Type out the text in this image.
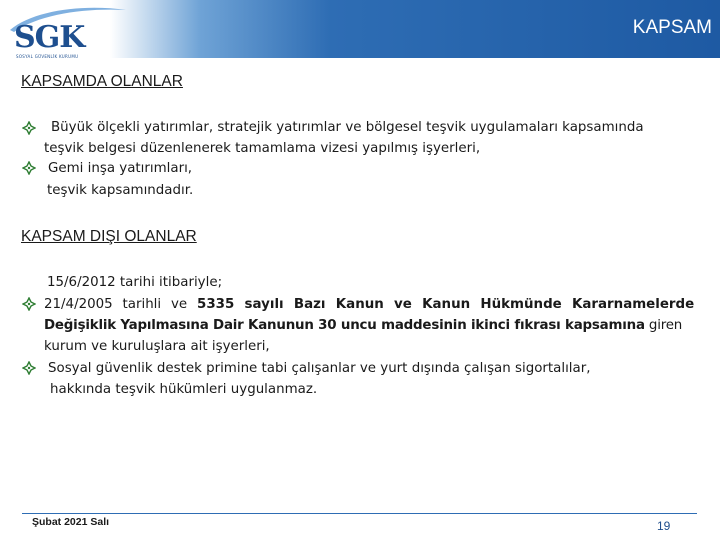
SGK
SOSYAL GÜVENLİK KURUMU
KAPSAM
KAPSAMDA OLANLAR
Büyük ölçekli yatırımlar, stratejik yatırımlar ve bölgesel teşvik uygulamaları kapsamında
teşvik belgesi düzenlenerek tamamlama vizesi yapılmış işyerleri,
Gemi inşa yatırımları,
teşvik kapsamındadır.
KAPSAM DIŞI OLANLAR
15/6/2012 tarihi itibariyle;
21/4/2005 tarihli ve 5335 sayılı Bazı Kanun ve Kanun Hükmünde Kararnamelerde
Değişiklik Yapılmasına Dair Kanunun 30 uncu maddesinin ikinci fıkrası kapsamına giren
kurum ve kuruluşlara ait işyerleri,
Sosyal güvenlik destek primine tabi çalışanlar ve yurt dışında çalışan sigortalılar,
hakkında teşvik hükümleri uygulanmaz.
Şubat 2021 Salı	19
